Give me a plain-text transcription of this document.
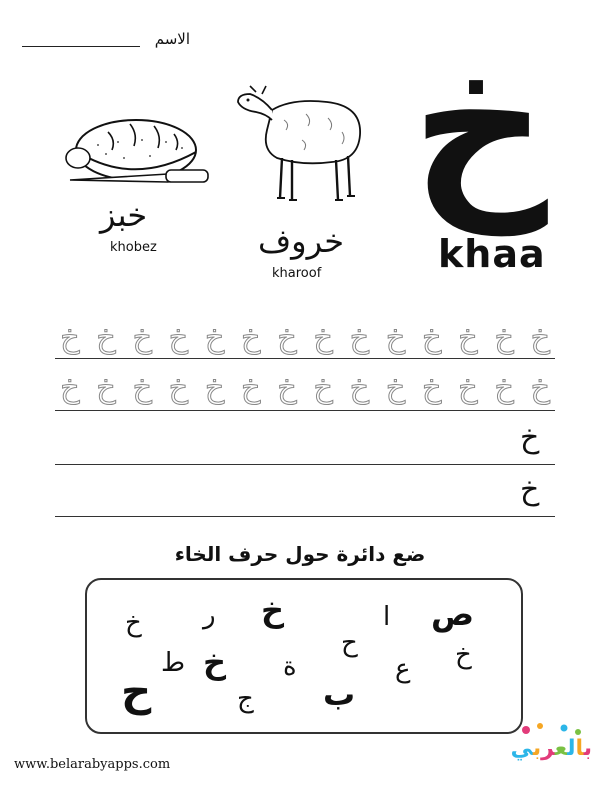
الاسم خ
khaa
خبز
khobez	خروف
kharoof
خ
خ
خ
خ
خ
خ
خ
خ
خ
خ
خ
خ
خ
خ
خ
خ
خ
خ
خ
خ
خ
خ
خ
خ
خ
خ
خ
خ
خ
خ
ضع دائرة حول حرف الخاء
ص
ا
خ
ر
خ
خ
ع
ح
ب
ة
خ
ط
ح	ج
www.belarabyapps.com
بالعربي
